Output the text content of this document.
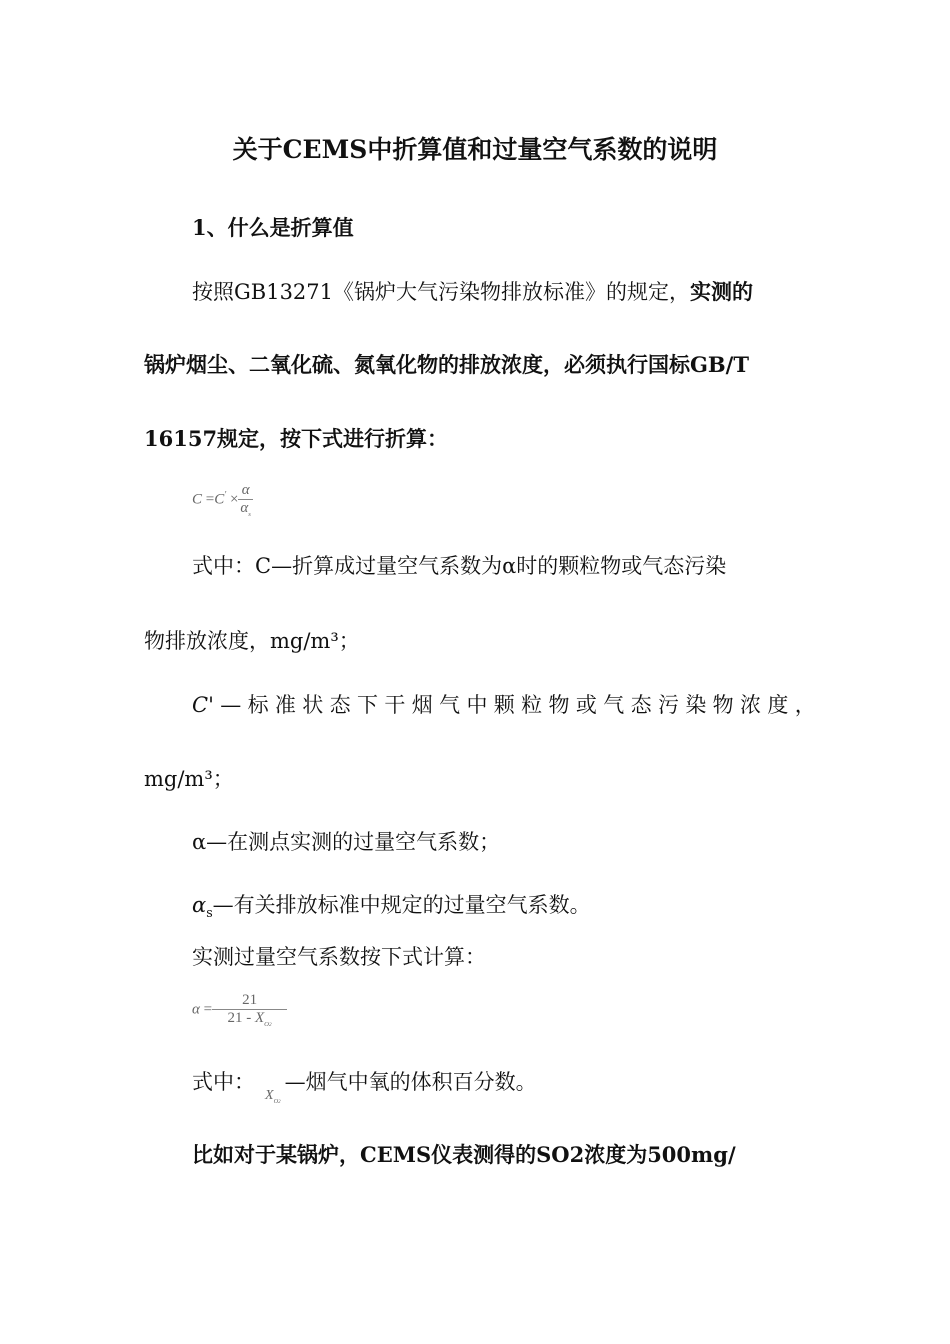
关于CEMS中折算值和过量空气系数的说明
1、什么是折算值
按照GB13271《锅炉大气污染物排放标准》的规定，实测的
锅炉烟尘、二氧化硫、氮氧化物的排放浓度，必须执行国标GB/T
16157规定，按下式进行折算：
$C =C' \times \frac{\alpha}{\alpha_s}$
式中：C—折算成过量空气系数为α时的颗粒物或气态污染
物排放浓度，mg/m³；
C' — 标 准 状 态 下 干 烟 气 中 颗 粒 物 或 气 态 污 染 物 浓 度 ，
mg/m³；
α—在测点实测的过量空气系数；
$\alpha_s—$有关排放标准中规定的过量空气系数。
实测过量空气系数按下式计算：
$\alpha = \frac{21}{21 - X_{O2}}$
式中：$_{X_{O2}}$—烟气中氧的体积百分数。
比如对于某锅炉，CEMS仪表测得的SO2浓度为500mg/
